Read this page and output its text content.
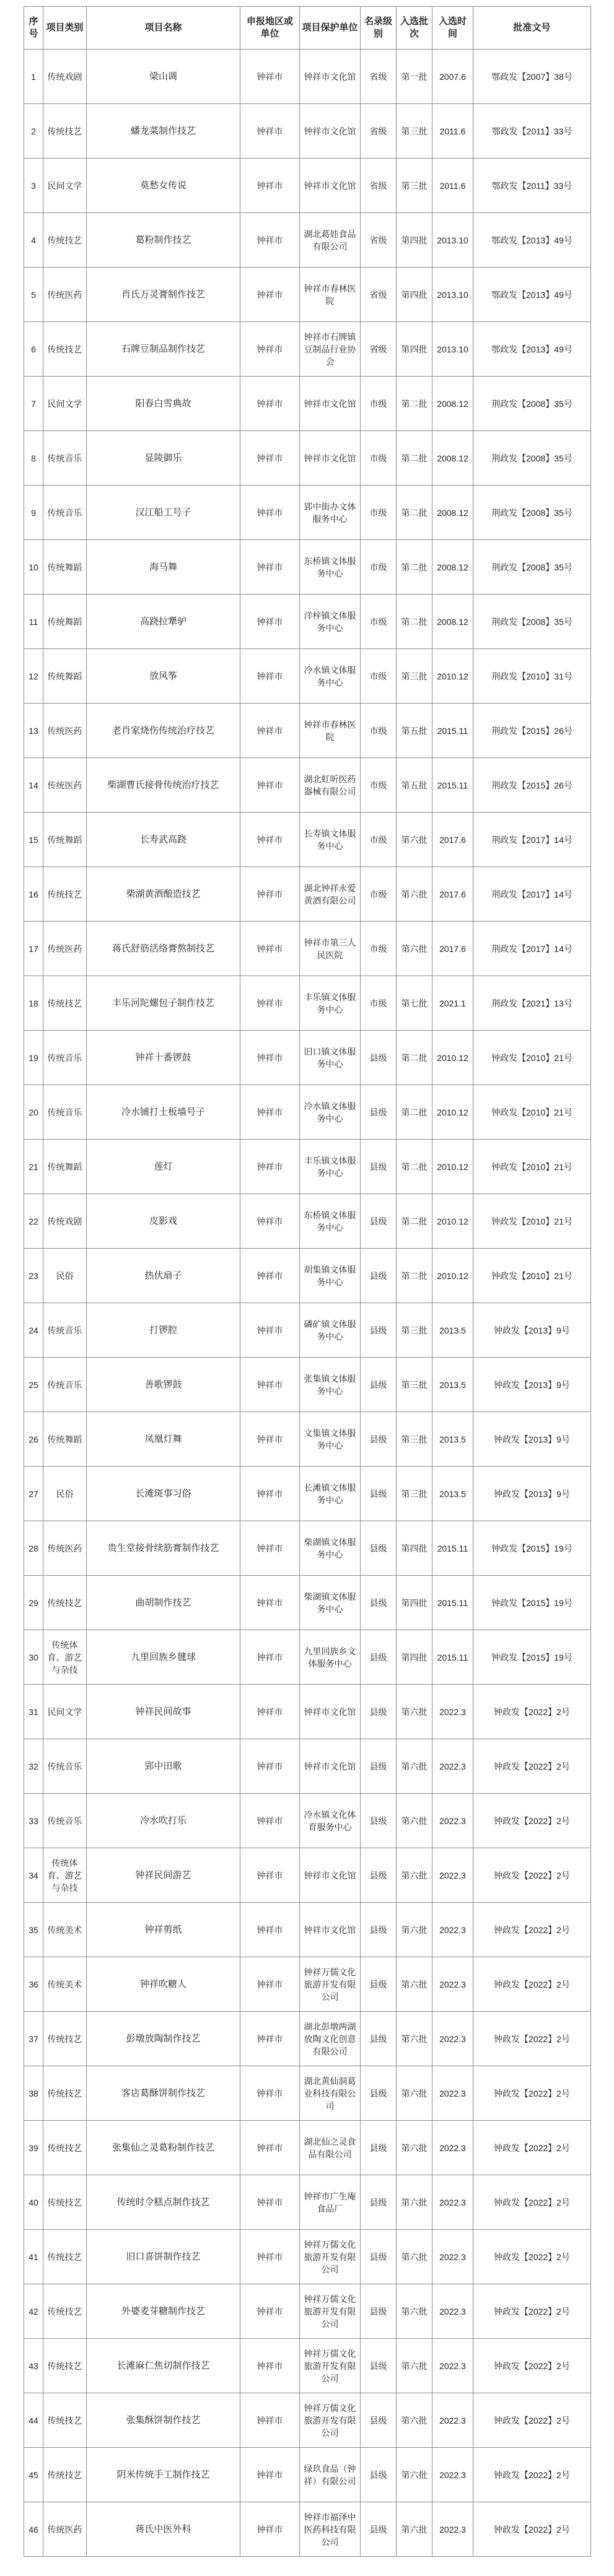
序号	项目类别	项目名称	申报地区或单位	项目保护单位	名录级别	入选批次	入选时间	批准文号
1	传统戏剧	梁山调	钟祥市	钟祥市文化馆	省级	第一批	2007.6	鄂政发【2007】38号
2	传统技艺	蟠龙菜制作技艺	钟祥市	钟祥市文化馆	省级	第三批	2011.6	鄂政发【2011】33号
3	民间文学	莫愁女传说	钟祥市	钟祥市文化馆	省级	第三批	2011.6	鄂政发【2011】33号
4	传统技艺	葛粉制作技艺	钟祥市	湖北葛娃食品有限公司	省级	第四批	2013.10	鄂政发【2013】49号
5	传统医药	肖氏万灵膏制作技艺	钟祥市	钟祥市春林医院	省级	第四批	2013.10	鄂政发【2013】49号
6	传统技艺	石牌豆制品制作技艺	钟祥市	钟祥市石牌镇豆制品行业协会	省级	第四批	2013.10	鄂政发【2013】49号
7	民间文学	阳春白雪典故	钟祥市	钟祥市文化馆	市级	第二批	2008.12	荆政发【2008】35号
8	传统音乐	显陵御乐	钟祥市	钟祥市文化馆	市级	第二批	2008.12	荆政发【2008】35号
9	传统音乐	汉江船工号子	钟祥市	郢中街办文体服务中心	市级	第二批	2008.12	荆政发【2008】35号
10	传统舞蹈	海马舞	钟祥市	东桥镇文体服务中心	市级	第二批	2008.12	荆政发【2008】35号
11	传统舞蹈	高跷拉犟驴	钟祥市	洋梓镇文体服务中心	市级	第二批	2008.12	荆政发【2008】35号
12	传统舞蹈	放风筝	钟祥市	冷水镇文体服务中心	市级	第三批	2010.12	荆政发【2010】31号
13	传统医药	老肖家烧伤传统治疗技艺	钟祥市	钟祥市春林医院	市级	第五批	2015.11	荆政发【2015】26号
14	传统医药	柴湖曹氏接骨传统治疗技艺	钟祥市	湖北虹昕医药器械有限公司	市级	第五批	2015.11	荆政发【2015】26号
15	传统舞蹈	长寿武高跷	钟祥市	长寿镇文体服务中心	市级	第六批	2017.6	荆政发【2017】14号
16	传统技艺	柴湖黄酒酿造技艺	钟祥市	湖北钟祥永爱黄酒有限公司	市级	第六批	2017.6	荆政发【2017】14号
17	传统医药	蒋氏舒筋活络膏熬制技艺	钟祥市	钟祥市第三人民医院	市级	第六批	2017.6	荆政发【2017】14号
18	传统技艺	丰乐河陀螺包子制作技艺	钟祥市	丰乐镇文体服务中心	市级	第七批	2021.1	荆政发【2021】13号
19	传统音乐	钟祥十番锣鼓	钟祥市	旧口镇文体服务中心	县级	第二批	2010.12	钟政发【2010】21号
20	传统音乐	冷水铺打土板墙号子	钟祥市	冷水镇文体服务中心	县级	第二批	2010.12	钟政发【2010】21号
21	传统舞蹈	莲灯	钟祥市	丰乐镇文体服务中心	县级	第二批	2010.12	钟政发【2010】21号
22	传统戏剧	皮影戏	钟祥市	东桥镇文体服务中心	县级	第二批	2010.12	钟政发【2010】21号
23	民俗	热伏扇子	钟祥市	胡集镇文体服务中心	县级	第二批	2010.12	钟政发【2010】21号
24	传统音乐	打锣腔	钟祥市	磷矿镇文体服务中心	县级	第三批	2013.5	钟政发【2013】9号
25	传统音乐	善歌锣鼓	钟祥市	张集镇文体服务中心	县级	第三批	2013.5	钟政发【2013】9号
26	传统舞蹈	凤凰灯舞	钟祥市	文集镇文体服务中心	县级	第三批	2013.5	钟政发【2013】9号
27	民俗	长滩斑事习俗	钟祥市	长滩镇文体服务中心	县级	第三批	2013.5	钟政发【2013】9号
28	传统医药	贵生堂接骨续筋膏制作技艺	钟祥市	柴湖镇文体服务中心	县级	第四批	2015.11	钟政发【2015】19号
29	传统技艺	曲胡制作技艺	钟祥市	柴湖镇文体服务中心	县级	第四批	2015.11	钟政发【2015】19号
30	传统体育、游艺与杂技	九里回族乡毽球	钟祥市	九里回族乡文体服务中心	县级	第四批	2015.11	钟政发【2015】19号
31	民间文学	钟祥民间故事	钟祥市	钟祥市文化馆	县级	第六批	2022.3	钟政发【2022】2号
32	传统音乐	郢中田歌	钟祥市	钟祥市文化馆	县级	第六批	2022.3	钟政发【2022】2号
33	传统音乐	冷水吹打乐	钟祥市	冷水镇文化体育服务中心	县级	第六批	2022.3	钟政发【2022】2号
34	传统体育、游艺与杂技	钟祥民间游艺	钟祥市	钟祥市文化馆	县级	第六批	2022.3	钟政发【2022】2号
35	传统美术	钟祥剪纸	钟祥市	钟祥市文化馆	县级	第六批	2022.3	钟政发【2022】2号
36	传统美术	钟祥吹糖人	钟祥市	钟祥万儒文化旅游开发有限公司	县级	第六批	2022.3	钟政发【2022】2号
37	传统技艺	彭墩放陶制作技艺	钟祥市	湖北彭墩两湖放陶文化创意有限公司	县级	第六批	2022.3	钟政发【2022】2号
38	传统技艺	客店葛酥饼制作技艺	钟祥市	湖北黄仙洞葛业科技有限公司	县级	第六批	2022.3	钟政发【2022】2号
39	传统技艺	张集仙之灵葛粉制作技艺	钟祥市	湖北仙之灵食品有限公司	县级	第六批	2022.3	钟政发【2022】2号
40	传统技艺	传统时令糕点制作技艺	钟祥市	钟祥市广生庵食品厂	县级	第六批	2022.3	钟政发【2022】2号
41	传统技艺	旧口喜饼制作技艺	钟祥市	钟祥万儒文化旅游开发有限公司	县级	第六批	2022.3	钟政发【2022】2号
42	传统技艺	外婆麦芽糖制作技艺	钟祥市	钟祥万儒文化旅游开发有限公司	县级	第六批	2022.3	钟政发【2022】2号
43	传统技艺	长滩麻仁焦切制作技艺	钟祥市	钟祥万儒文化旅游开发有限公司	县级	第六批	2022.3	钟政发【2022】2号
44	传统技艺	张集酥饼制作技艺	钟祥市	钟祥万儒文化旅游开发有限公司	县级	第六批	2022.3	钟政发【2022】2号
45	传统技艺	阴米传统手工制作技艺	钟祥市	绿玖食品（钟祥）有限公司	县级	第六批	2022.3	钟政发【2022】2号
46	传统医药	蒋氏中医外科	钟祥市	钟祥市福泽中医药科技有限公司	县级	第六批	2022.3	钟政发【2022】2号
